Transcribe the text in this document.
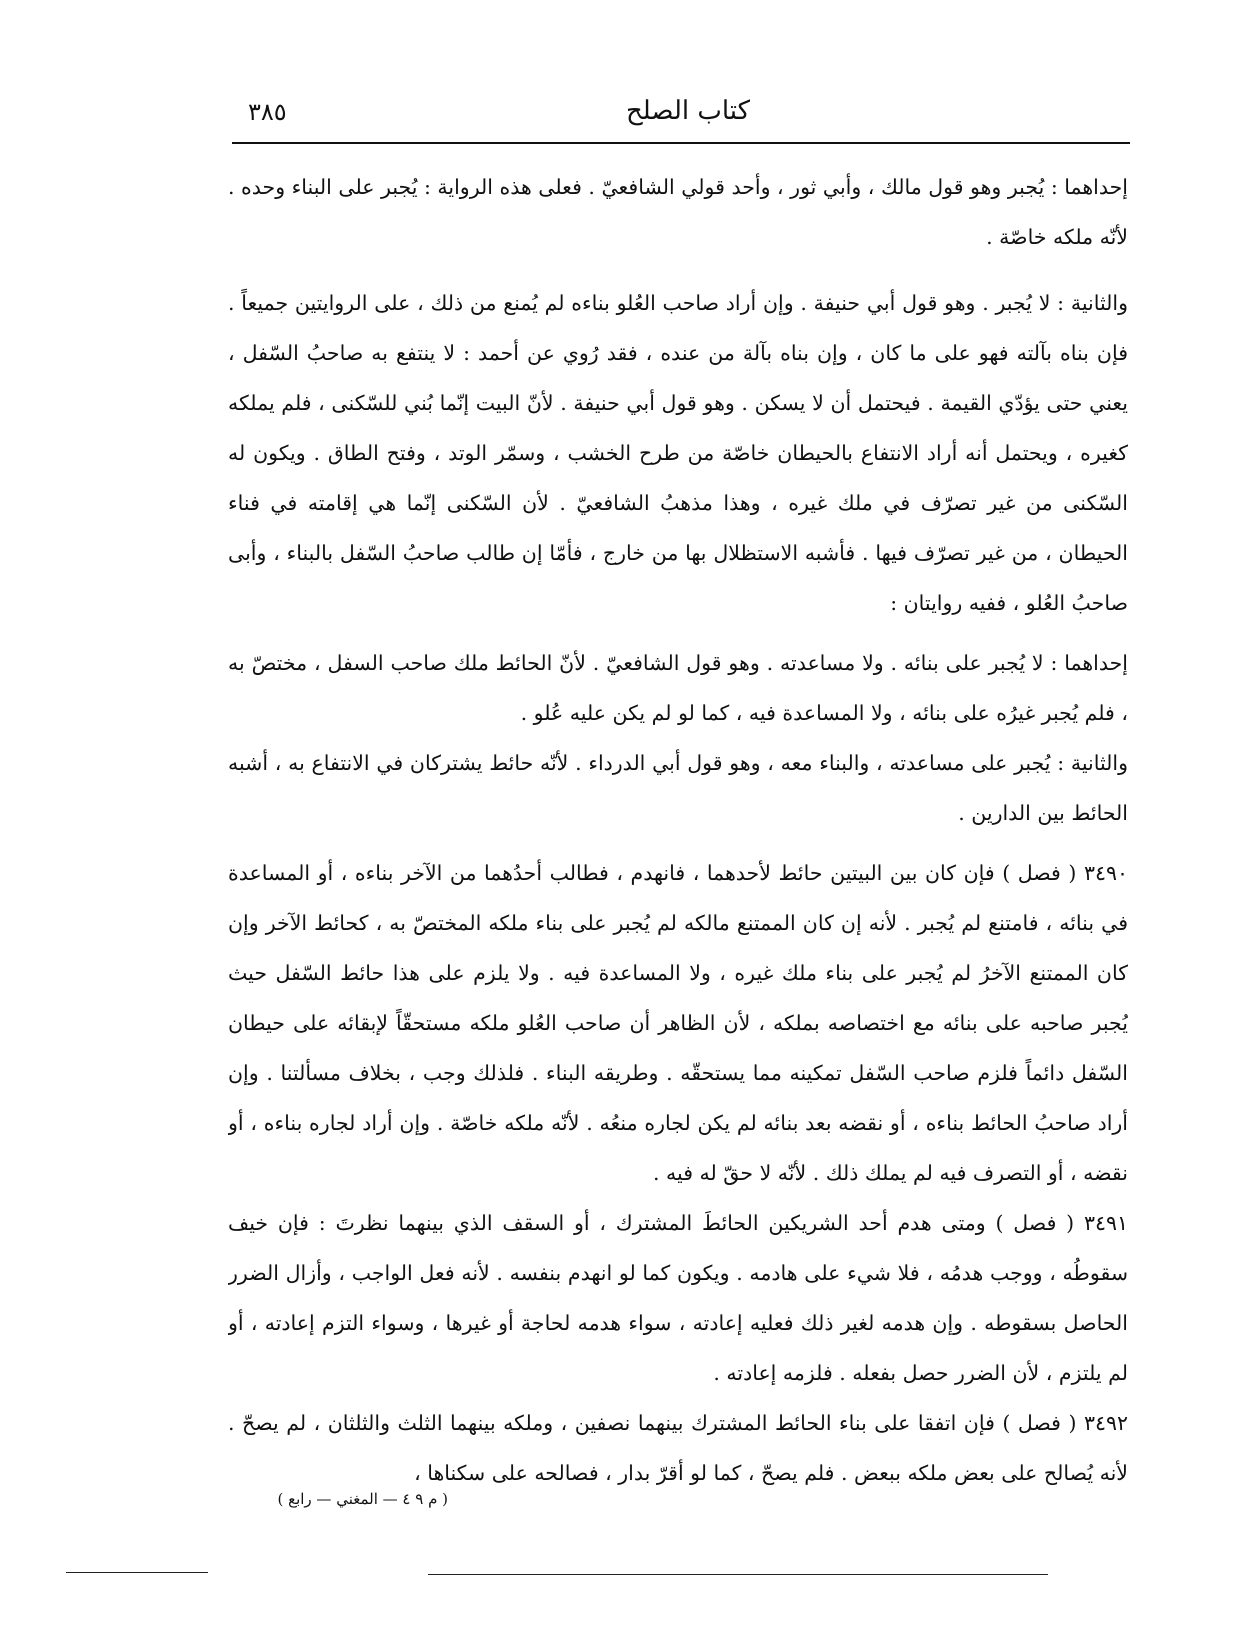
٣٨٥	كتاب الصلح

إحداهما : يُجبر وهو قول مالك ، وأبي ثور ، وأحد قولي الشافعيّ . فعلى هذه الرواية : يُجبر على البناء وحده . لأنّه ملكه خاصّة .

والثانية : لا يُجبر . وهو قول أبي حنيفة . وإن أراد صاحب العُلو بناءه لم يُمنع من ذلك ، على الروايتين جميعاً . فإن بناه بآلته فهو على ما كان ، وإن بناه بآلة من عنده ، فقد رُوي عن أحمد : لا ينتفع به صاحبُ السّفل ، يعني حتى يؤدّي القيمة . فيحتمل أن لا يسكن . وهو قول أبي حنيفة . لأنّ البيت إنّما بُني للسّكنى ، فلم يملكه كغيره ، ويحتمل أنه أراد الانتفاع بالحيطان خاصّة من طرح الخشب ، وسمّر الوتد ، وفتح الطاق . ويكون له السّكنى من غير تصرّف في ملك غيره ، وهذا مذهبُ الشافعيّ . لأن السّكنى إنّما هي إقامته في فناء الحيطان ، من غير تصرّف فيها . فأشبه الاستظلال بها من خارج ، فأمّا إن طالب صاحبُ السّفل بالبناء ، وأبى صاحبُ العُلو ، ففيه روايتان :

إحداهما : لا يُجبر على بنائه . ولا مساعدته . وهو قول الشافعيّ . لأنّ الحائط ملك صاحب السفل ، مختصّ به ، فلم يُجبر غيرُه على بنائه ، ولا المساعدة فيه ، كما لو لم يكن عليه عُلو .

والثانية : يُجبر على مساعدته ، والبناء معه ، وهو قول أبي الدرداء . لأنّه حائط يشتركان في الانتفاع به ، أشبه الحائط بين الدارين .

٣٤٩٠ ( فصل ) فإن كان بين البيتين حائط لأحدهما ، فانهدم ، فطالب أحدُهما من الآخر بناءه ، أو المساعدة في بنائه ، فامتنع لم يُجبر . لأنه إن كان الممتنع مالكه لم يُجبر على بناء ملكه المختصّ به ، كحائط الآخر وإن كان الممتنع الآخرُ لم يُجبر على بناء ملك غيره ، ولا المساعدة فيه . ولا يلزم على هذا حائط السّفل حيث يُجبر صاحبه على بنائه مع اختصاصه بملكه ، لأن الظاهر أن صاحب العُلو ملكه مستحقّاً لإبقائه على حيطان السّفل دائماً فلزم صاحب السّفل تمكينه مما يستحقّه . وطريقه البناء . فلذلك وجب ، بخلاف مسألتنا . وإن أراد صاحبُ الحائط بناءه ، أو نقضه بعد بنائه لم يكن لجاره منعُه . لأنّه ملكه خاصّة . وإن أراد لجاره بناءه ، أو نقضه ، أو التصرف فيه لم يملك ذلك . لأنّه لا حقّ له فيه .

٣٤٩١ ( فصل ) ومتى هدم أحد الشريكين الحائطَ المشترك ، أو السقف الذي بينهما نظرتَ : فإن خيف سقوطُه ، ووجب هدمُه ، فلا شيء على هادمه . ويكون كما لو انهدم بنفسه . لأنه فعل الواجب ، وأزال الضرر الحاصل بسقوطه . وإن هدمه لغير ذلك فعليه إعادته ، سواء هدمه لحاجة أو غيرها ، وسواء التزم إعادته ، أو لم يلتزم ، لأن الضرر حصل بفعله . فلزمه إعادته .

٣٤٩٢ ( فصل ) فإن اتفقا على بناء الحائط المشترك بينهما نصفين ، وملكه بينهما الثلث والثلثان ، لم يصحّ . لأنه يُصالح على بعض ملكه ببعض . فلم يصحّ ، كما لو أقرّ بدار ، فصالحه على سكناها ،

( م ٩ ٤ — المغني — رابع )
